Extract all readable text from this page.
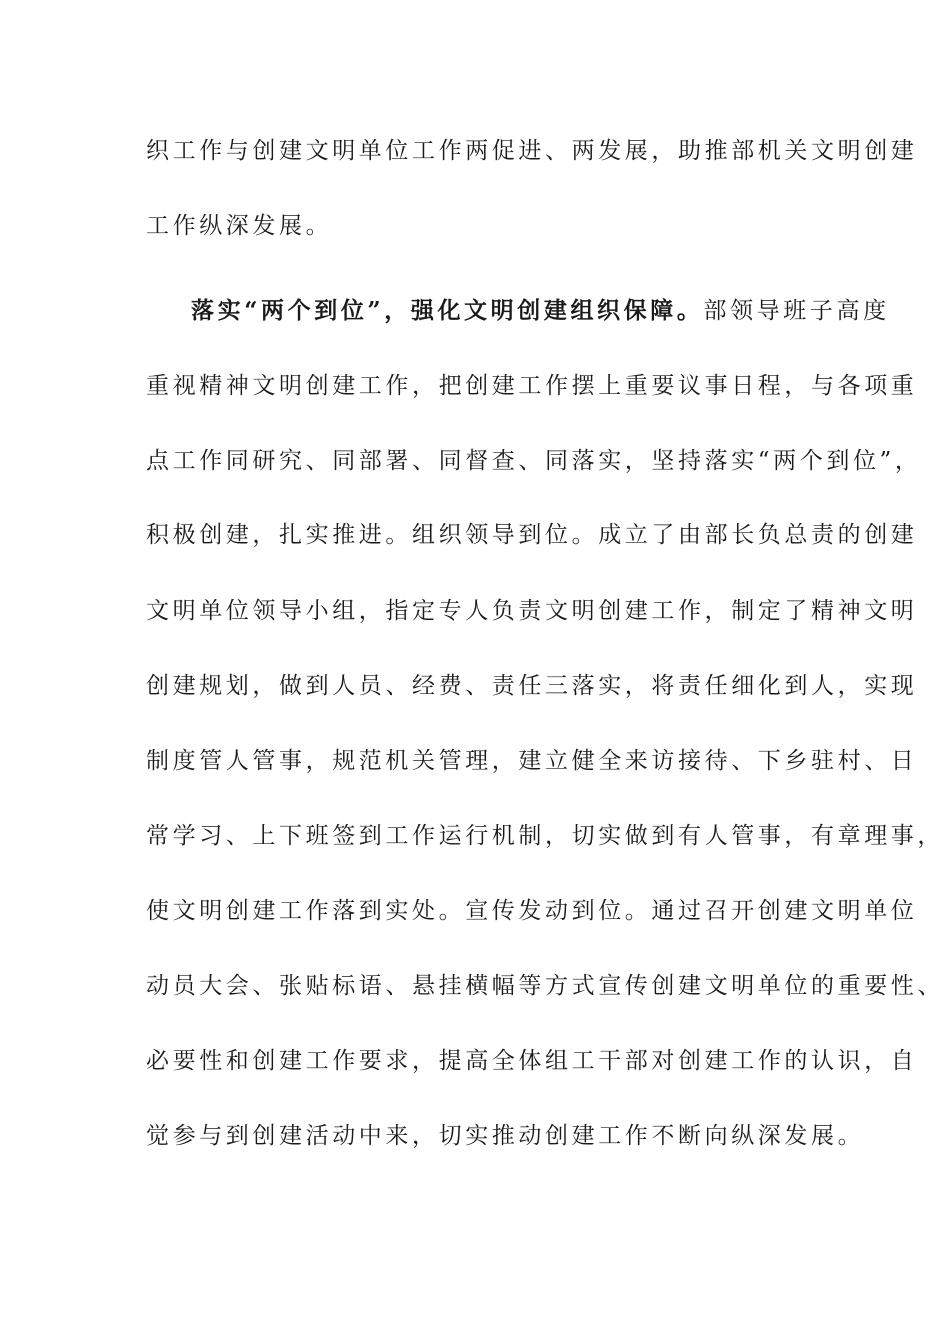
织工作与创建文明单位工作两促进、两发展，助推部机关文明创建
工作纵深发展。
落实“两个到位”，强化文明创建组织保障。部领导班子高度
重视精神文明创建工作，把创建工作摆上重要议事日程，与各项重
点工作同研究、同部署、同督查、同落实，坚持落实“两个到位”，
积极创建，扎实推进。组织领导到位。成立了由部长负总责的创建
文明单位领导小组，指定专人负责文明创建工作，制定了精神文明
创建规划，做到人员、经费、责任三落实，将责任细化到人，实现
制度管人管事，规范机关管理，建立健全来访接待、下乡驻村、日
常学习、上下班签到工作运行机制，切实做到有人管事，有章理事，
使文明创建工作落到实处。宣传发动到位。通过召开创建文明单位
动员大会、张贴标语、悬挂横幅等方式宣传创建文明单位的重要性、
必要性和创建工作要求，提高全体组工干部对创建工作的认识，自
觉参与到创建活动中来，切实推动创建工作不断向纵深发展。
